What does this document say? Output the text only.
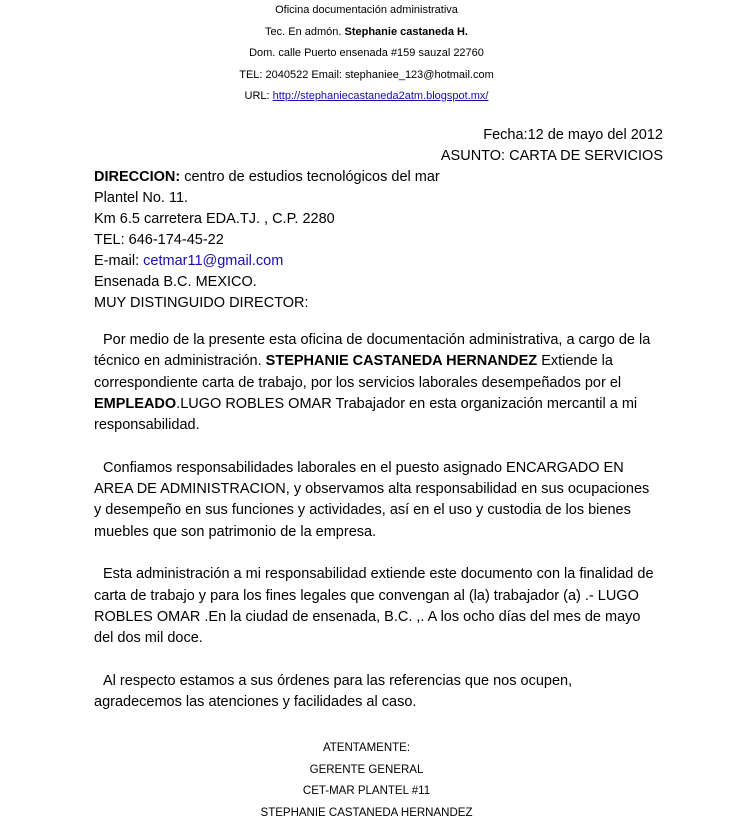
Oficina documentación administrativa
Tec. En admón. Stephanie castaneda H.
Dom. calle Puerto ensenada #159 sauzal 22760
TEL: 2040522 Email: stephaniee_123@hotmail.com
URL: http://stephaniecastaneda2atm.blogspot.mx/
Fecha:12 de mayo del 2012
ASUNTO: CARTA DE SERVICIOS
DIRECCION: centro de estudios tecnológicos del mar
Plantel No. 11.
Km 6.5 carretera EDA.TJ. , C.P. 2280
TEL: 646-174-45-22
E-mail: cetmar11@gmail.com
Ensenada B.C. MEXICO.
MUY DISTINGUIDO DIRECTOR:

Por medio de la presente esta oficina de documentación administrativa, a cargo de la técnico en administración. STEPHANIE CASTANEDA HERNANDEZ Extiende la correspondiente carta de trabajo, por los servicios laborales desempeñados por el EMPLEADO.LUGO ROBLES OMAR Trabajador en esta organización mercantil a mi responsabilidad.

Confiamos responsabilidades laborales en el puesto asignado ENCARGADO EN AREA DE ADMINISTRACION, y observamos alta responsabilidad en sus ocupaciones y desempeño en sus funciones y actividades, así en el uso y custodia de los bienes muebles que son patrimonio de la empresa.

Esta administración a mi responsabilidad extiende este documento con la finalidad de carta de trabajo y para los fines legales que convengan al (la) trabajador (a) .- LUGO ROBLES OMAR .En la ciudad de ensenada, B.C. ,. A los ocho días del mes de mayo del dos mil doce.

Al respecto estamos a sus órdenes para las referencias que nos ocupen, agradecemos las atenciones y facilidades al caso.

ATENTAMENTE:
GERENTE GENERAL
CET-MAR PLANTEL #11
STEPHANIE CASTANEDA HERNANDEZ
